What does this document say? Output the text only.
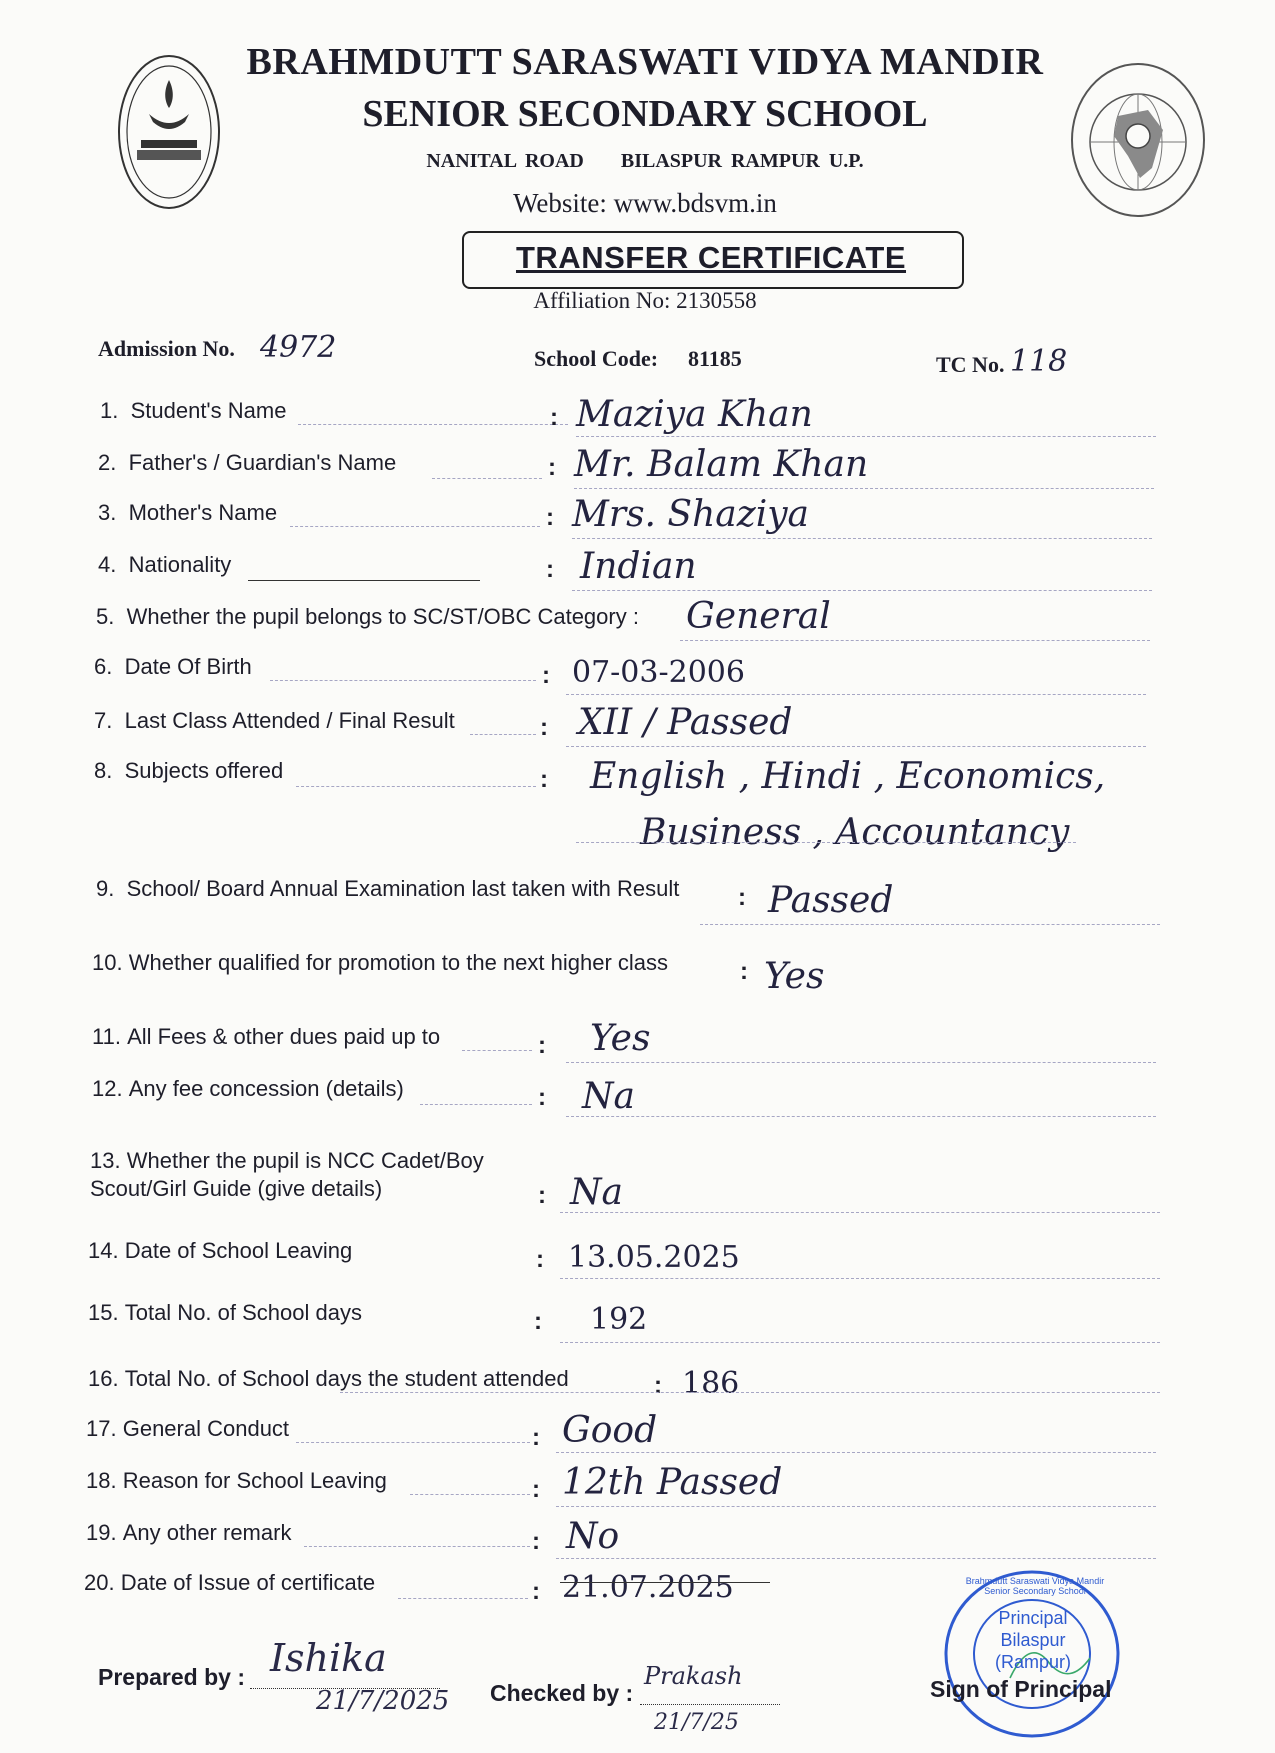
BRAHMDUTT SARASWATI VIDYA MANDIR
SENIOR SECONDARY SCHOOL
NANITAL ROAD BILASPUR RAMPUR U.P.
Website: www.bdsvm.in
TRANSFER CERTIFICATE
Affiliation No: 2130558
Admission No. 4972	School Code: 81185	TC No. 118
1. Student's Name	: Maziya Khan
2. Father's / Guardian's Name	: Mr. Balam Khan
3. Mother's Name	: Mrs. Shaziya
4. Nationality	: Indian
5. Whether the pupil belongs to SC/ST/OBC Category : General
6. Date Of Birth	: 07-03-2006
7. Last Class Attended / Final Result	: XII / Passed
8. Subjects offered	: English , Hindi , Economics,
Business , Accountancy
9. School/ Board Annual Examination last taken with Result : Passed
10. Whether qualified for promotion to the next higher class	: Yes
11. All Fees & other dues paid up to	: Yes
12. Any fee concession (details)	: Na
13. Whether the pupil is NCC Cadet/Boy
Scout/Girl Guide (give details)	: Na
14. Date of School Leaving	: 13.05.2025
15. Total No. of School days	: 192
16. Total No. of School days the student attended	: 186
17. General Conduct	: Good
18. Reason for School Leaving	: 12th Passed
19. Any other remark	: No
20. Date of Issue of certificate	: 21.07.2025
Prepared by : Ishika
21/7/2025 Checked by :
Prakash
21/7/25
Principal
Bilaspur
(Rampur)
Brahmdutt Saraswati Vidya Mandir Senior Secondary School
Sign of Principal
